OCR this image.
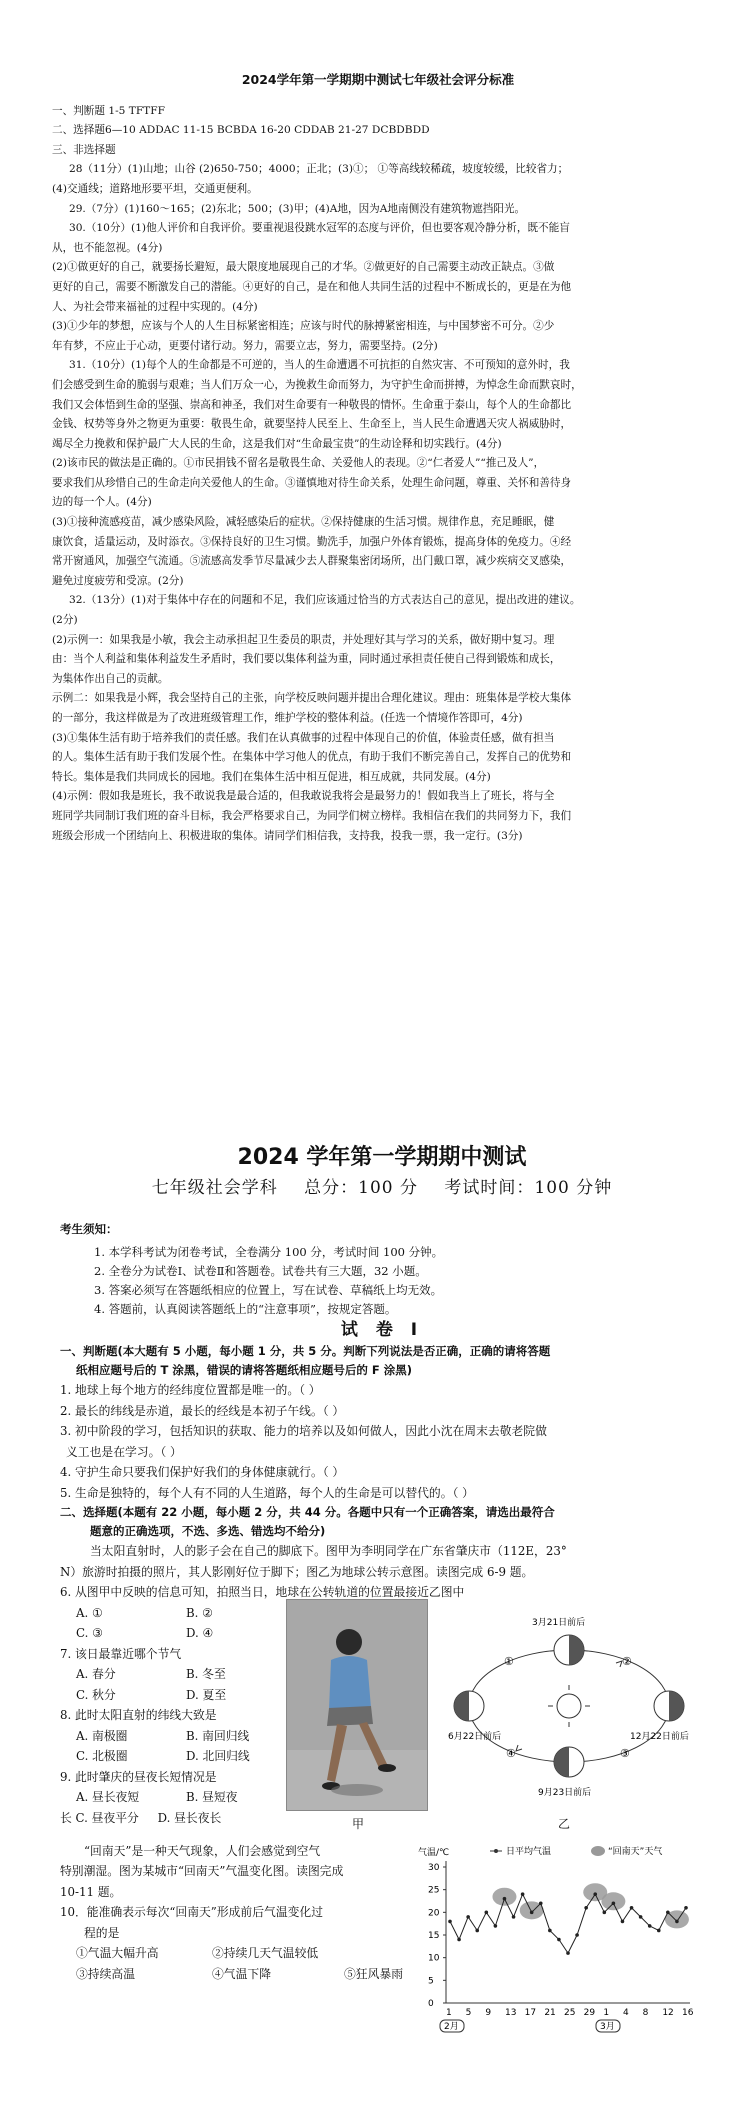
2024学年第一学期期中测试七年级社会评分标准
一、判断题 1-5 TFTFF
二、选择题6—10 ADDAC 11-15 BCBDA 16-20 CDDAB 21-27 DCBDBDD
三、非选择题
28（11分）(1)山地；山谷 (2)650-750；4000；正北；(3)①； ①等高线较稀疏，坡度较缓，比较省力；
(4)交通线；道路地形要平坦，交通更便利。
29.（7分）(1)160～165；(2)东北；500；(3)甲；(4)A地，因为A地南侧没有建筑物遮挡阳光。
30.（10分）(1)他人评价和自我评价。要重视退役跳水冠军的态度与评价，但也要客观冷静分析，既不能盲
从，也不能忽视。(4分)
(2)①做更好的自己，就要扬长避短，最大限度地展现自己的才华。②做更好的自己需要主动改正缺点。③做
更好的自己，需要不断激发自己的潜能。④更好的自己，是在和他人共同生活的过程中不断成长的，更是在为他
人、为社会带来福祉的过程中实现的。(4分)
(3)①少年的梦想，应该与个人的人生目标紧密相连；应该与时代的脉搏紧密相连，与中国梦密不可分。②少
年有梦，不应止于心动，更要付诸行动。努力，需要立志，努力，需要坚持。(2分)
31.（10分）(1)每个人的生命都是不可逆的，当人的生命遭遇不可抗拒的自然灾害、不可预知的意外时，我
们会感受到生命的脆弱与艰难；当人们万众一心，为挽救生命而努力，为守护生命而拼搏，为悼念生命而默哀时，
我们又会体悟到生命的坚强、崇高和神圣，我们对生命要有一种敬畏的情怀。生命重于泰山，每个人的生命都比
金钱、权势等身外之物更为重要：敬畏生命，就要坚持人民至上、生命至上，当人民生命遭遇天灾人祸威胁时，
竭尽全力挽救和保护最广大人民的生命，这是我们对“生命最宝贵”的生动诠释和切实践行。(4分)
(2)该市民的做法是正确的。①市民捐钱不留名是敬畏生命、关爱他人的表现。②“仁者爱人”“推己及人”，
要求我们从珍惜自己的生命走向关爱他人的生命。③谨慎地对待生命关系，处理生命问题，尊重、关怀和善待身
边的每一个人。(4分)
(3)①接种流感疫苗，减少感染风险，减轻感染后的症状。②保持健康的生活习惯。规律作息，充足睡眠，健
康饮食，适量运动，及时添衣。③保持良好的卫生习惯。勤洗手，加强户外体育锻炼，提高身体的免疫力。④经
常开窗通风，加强空气流通。⑤流感高发季节尽量减少去人群聚集密闭场所，出门戴口罩，减少疾病交叉感染，
避免过度疲劳和受凉。(2分)
32.（13分）(1)对于集体中存在的问题和不足，我们应该通过恰当的方式表达自己的意见，提出改进的建议。
(2分)
(2)示例一：如果我是小敏，我会主动承担起卫生委员的职责，并处理好其与学习的关系，做好期中复习。理
由：当个人利益和集体利益发生矛盾时，我们要以集体利益为重，同时通过承担责任使自己得到锻炼和成长，
为集体作出自己的贡献。
示例二：如果我是小辉，我会坚持自己的主张，向学校反映问题并提出合理化建议。理由：班集体是学校大集体
的一部分，我这样做是为了改进班级管理工作，维护学校的整体利益。(任选一个情境作答即可，4分)
(3)①集体生活有助于培养我们的责任感。我们在认真做事的过程中体现自己的价值，体验责任感，做有担当
的人。集体生活有助于我们发展个性。在集体中学习他人的优点，有助于我们不断完善自己，发挥自己的优势和
特长。集体是我们共同成长的园地。我们在集体生活中相互促进，相互成就，共同发展。(4分)
(4)示例：假如我是班长，我不敢说我是最合适的，但我敢说我将会是最努力的！假如我当上了班长，将与全
班同学共同制订我们班的奋斗目标，我会严格要求自己，为同学们树立榜样。我相信在我们的共同努力下，我们
班级会形成一个团结向上、积极进取的集体。请同学们相信我，支持我，投我一票，我一定行。(3分)
2024 学年第一学期期中测试
七年级社会学科 总分：100 分 考试时间：100 分钟
考生须知：
1. 本学科考试为闭卷考试，全卷满分 100 分，考试时间 100 分钟。
2. 全卷分为试卷Ⅰ、试卷Ⅱ和答题卷。试卷共有三大题，32 小题。
3. 答案必须写在答题纸相应的位置上，写在试卷、草稿纸上均无效。
4. 答题前，认真阅读答题纸上的“注意事项”，按规定答题。
试 卷 Ⅰ
一、判断题(本大题有 5 小题，每小题 1 分，共 5 分。判断下列说法是否正确，正确的请将答题
纸相应题号后的 T 涂黑，错误的请将答题纸相应题号后的 F 涂黑)
1. 地球上每个地方的经纬度位置都是唯一的。（ ）
2. 最长的纬线是赤道，最长的经线是本初子午线。（ ）
3. 初中阶段的学习，包括知识的获取、能力的培养以及如何做人，因此小沈在周末去敬老院做
义工也是在学习。（ ）
4. 守护生命只要我们保护好我们的身体健康就行。（ ）
5. 生命是独特的，每个人有不同的人生道路，每个人的生命是可以替代的。（ ）
二、选择题(本题有 22 小题，每小题 2 分，共 44 分。各题中只有一个正确答案，请选出最符合
题意的正确选项，不选、多选、错选均不给分)
当太阳直射时，人的影子会在自己的脚底下。图甲为李明同学在广东省肇庆市（112E，23°
N）旅游时拍摄的照片，其人影刚好位于脚下；图乙为地球公转示意图。读图完成 6-9 题。
6. 从图甲中反映的信息可知，拍照当日，地球在公转轨道的位置最接近乙图中
A. ①	B. ②
C. ③	D. ④
7. 该日最靠近哪个节气
A. 春分	B. 冬至
C. 秋分	D. 夏至
8. 此时太阳直射的纬线大致是
A. 南极圈	B. 南回归线
C. 北极圈	D. 北回归线
9. 此时肇庆的昼夜长短情况是
A. 昼长夜短	B. 昼短夜
长 C. 昼夜平分 D. 昼长夜长	甲
3月21日前后
6月22日前后
9月23日前后
12月22日前后
①	②
③
④
乙
“回南天”是一种天气现象，人们会感觉到空气
特别潮湿。图为某城市“回南天”气温变化图。读图完成 10-11 题。
10．能准确表示每次“回南天”形成前后气温变化过
程的是
①气温大幅升高	②持续几天气温较低
③持续高温	④气温下降	⑤狂风暴雨
气温/℃	日平均气温	“回南天”天气
0
5
10
15
20
25
30
1 5 9 13 17 21 25 29 1 4 8 12 16
2月	3月
